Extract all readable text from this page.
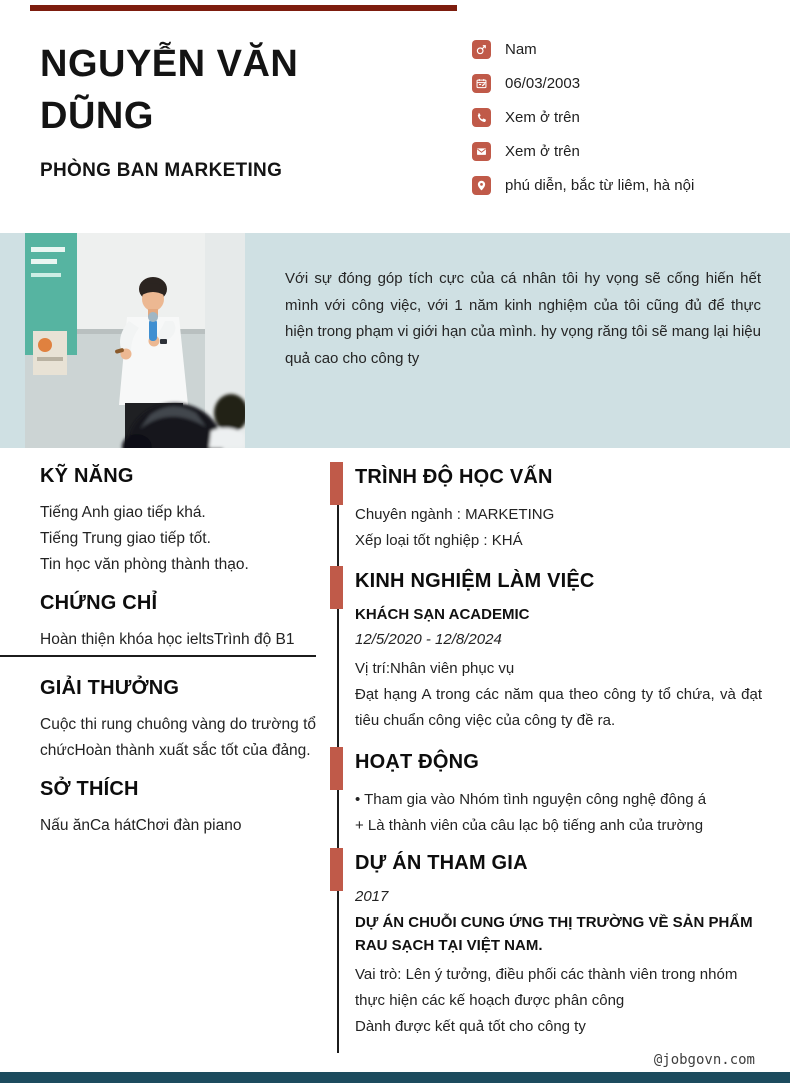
NGUYỄN VĂN DŨNG
PHÒNG BAN MARKETING
Nam
06/03/2003
Xem ở trên
Xem ở trên
phú diễn, bắc từ liêm, hà nội

Với sự đóng góp tích cực của cá nhân tôi hy vọng sẽ cống hiến hết mình với công việc, với 1 năm kinh nghiệm của tôi cũng đủ để thực hiện trong phạm vi giới hạn của mình. hy vọng răng tôi sẽ mang lại hiệu quả cao cho công ty

KỸ NĂNG
Tiếng Anh giao tiếp khá.
Tiếng Trung giao tiếp tốt.
Tin học văn phòng thành thạo.
CHỨNG CHỈ
Hoàn thiện khóa học ieltsTrình độ B1
GIẢI THƯỞNG
Cuộc thi rung chuông vàng do trường tổ chứcHoàn thành xuất sắc tốt của đảng.
SỞ THÍCH
Nấu ănCa hátChơi đàn piano
TRÌNH ĐỘ HỌC VẤN
Chuyên ngành : MARKETING
Xếp loại tốt nghiệp : KHÁ
KINH NGHIỆM LÀM VIỆC
KHÁCH SẠN ACADEMIC
12/5/2020 - 12/8/2024
Vị trí:Nhân viên phục vụ
Đạt hạng A trong các năm qua theo công ty tổ chứa, và đạt tiêu chuẩn công việc của công ty đề ra.
HOẠT ĐỘNG
• Tham gia vào Nhóm tình nguyện công nghệ đông á
+ Là thành viên của câu lạc bộ tiếng anh của trường
DỰ ÁN THAM GIA
2017
DỰ ÁN CHUỖI CUNG ỨNG THỊ TRƯỜNG VỀ SẢN PHẨM RAU SẠCH TẠI VIỆT NAM.
Vai trò: Lên ý tưởng, điều phối các thành viên trong nhóm thực hiện các kế hoạch được phân công
Dành được kết quả tốt cho công ty
@jobgovn.com
